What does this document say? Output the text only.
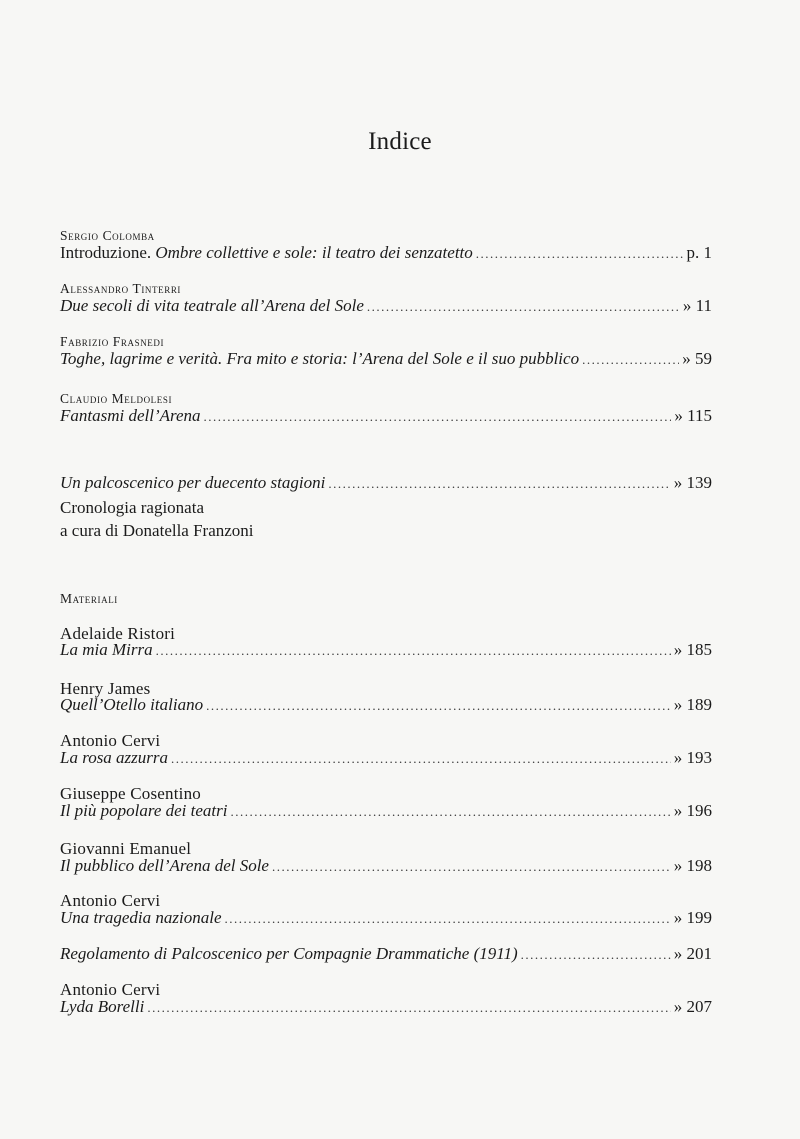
Indice
Sergio Colomba
Introduzione. Ombre collettive e sole: il teatro dei senzatetto .....	p. 1
Alessandro Tinterri
Due secoli di vita teatrale all’Arena del Sole .....	» 11
Fabrizio Frasnedi
Toghe, lagrime e verità. Fra mito e storia: l’Arena del Sole e il suo pubblico .....	» 59
Claudio Meldolesi
Fantasmi dell’Arena .....	» 115
Un palcoscenico per duecento stagioni .....	» 139
Cronologia ragionata
a cura di Donatella Franzoni
Materiali
Adelaide Ristori
La mia Mirra .....	» 185
Henry James
Quell’Otello italiano .....	» 189
Antonio Cervi
La rosa azzurra .....	» 193
Giuseppe Cosentino
Il più popolare dei teatri .....	» 196
Giovanni Emanuel
Il pubblico dell’Arena del Sole .....	» 198
Antonio Cervi
Una tragedia nazionale .....	» 199
Regolamento di Palcoscenico per Compagnie Drammatiche (1911) .....	» 201
Antonio Cervi
Lyda Borelli .....	» 207
